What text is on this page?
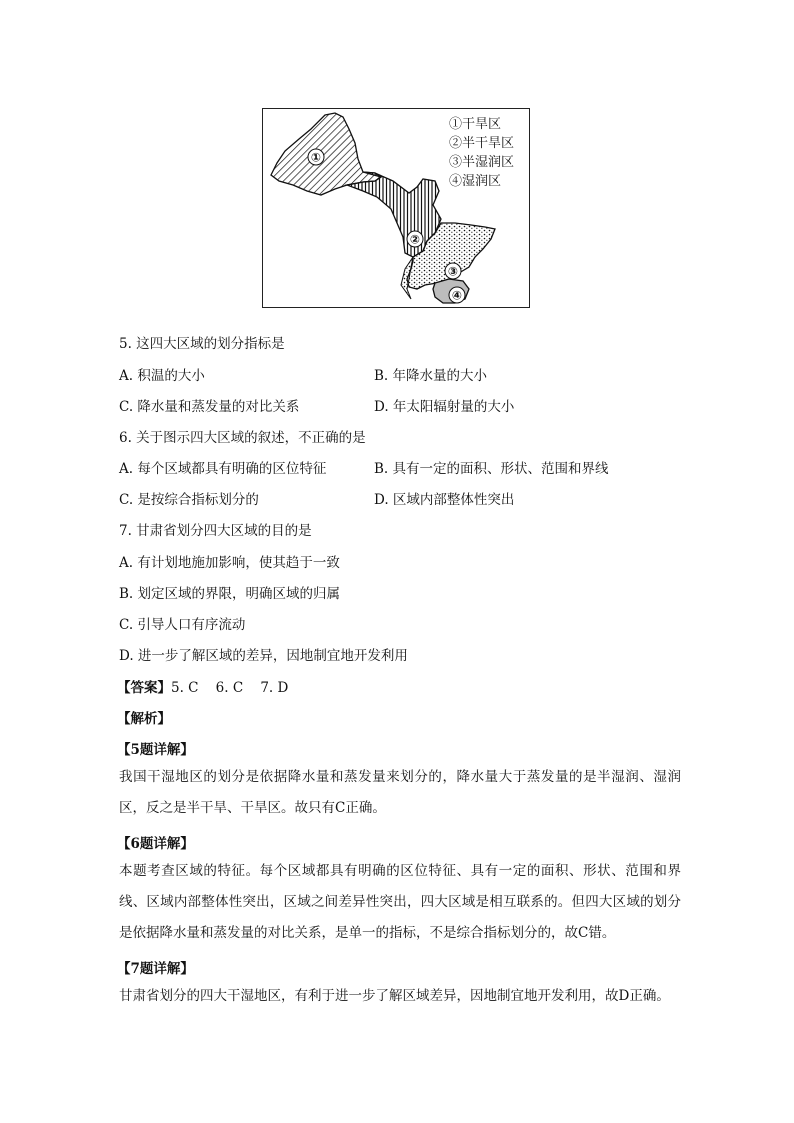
①
②
③
④
①干旱区
②半干旱区
③半湿润区
④湿润区
5. 这四大区域的划分指标是
A. 积温的大小	B. 年降水量的大小
C. 降水量和蒸发量的对比关系	D. 年太阳辐射量的大小
6. 关于图示四大区域的叙述，不正确的是
A. 每个区域都具有明确的区位特征	B. 具有一定的面积、形状、范围和界线
C. 是按综合指标划分的	D. 区域内部整体性突出
7. 甘肃省划分四大区域的目的是
A. 有计划地施加影响，使其趋于一致
B. 划定区域的界限，明确区域的归属
C. 引导人口有序流动
D. 进一步了解区域的差异，因地制宜地开发利用
【答案】5. C    6. C    7. D
【解析】
【5题详解】
我国干湿地区的划分是依据降水量和蒸发量来划分的，降水量大于蒸发量的是半湿润、湿润区，反之是半干旱、干旱区。故只有C正确。
【6题详解】
本题考查区域的特征。每个区域都具有明确的区位特征、具有一定的面积、形状、范围和界线、区域内部整体性突出，区域之间差异性突出，四大区域是相互联系的。但四大区域的划分是依据降水量和蒸发量的对比关系，是单一的指标，不是综合指标划分的，故C错。
【7题详解】
甘肃省划分的四大干湿地区，有利于进一步了解区域差异，因地制宜地开发利用，故D正确。
